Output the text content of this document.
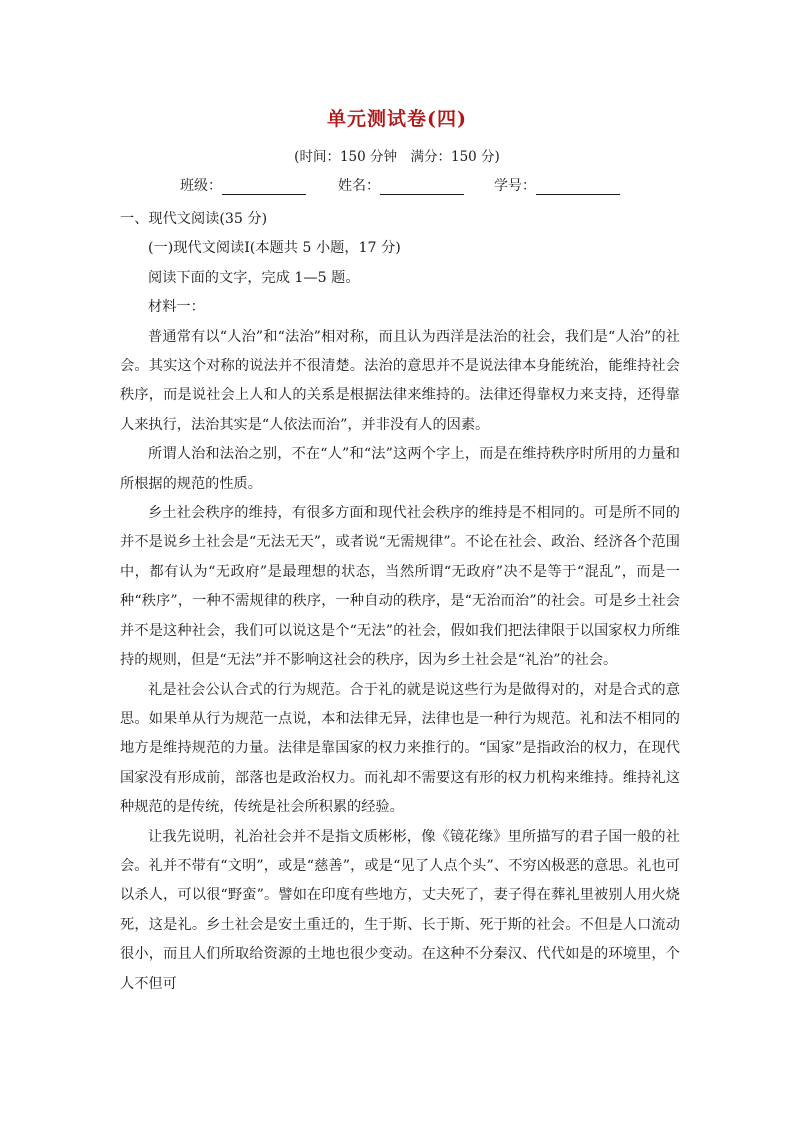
单元测试卷(四)
(时间：150 分钟　满分：150 分)
班级：	姓名：	学号：

一、现代文阅读(35 分)

(一)现代文阅读Ⅰ(本题共 5 小题，17 分)

阅读下面的文字，完成 1—5 题。

材料一：

普通常有以“人治”和“法治”相对称，而且认为西洋是法治的社会，我们是“人治”的社会。其实这个对称的说法并不很清楚。法治的意思并不是说法律本身能统治，能维持社会秩序，而是说社会上人和人的关系是根据法律来维持的。法律还得靠权力来支持，还得靠人来执行，法治其实是“人依法而治”，并非没有人的因素。

所谓人治和法治之别，不在“人”和“法”这两个字上，而是在维持秩序时所用的力量和所根据的规范的性质。

乡土社会秩序的维持，有很多方面和现代社会秩序的维持是不相同的。可是所不同的并不是说乡土社会是“无法无天”，或者说“无需规律”。不论在社会、政治、经济各个范围中，都有认为“无政府”是最理想的状态，当然所谓“无政府”决不是等于“混乱”，而是一种“秩序”，一种不需规律的秩序，一种自动的秩序，是“无治而治”的社会。可是乡土社会并不是这种社会，我们可以说这是个“无法”的社会，假如我们把法律限于以国家权力所维持的规则，但是“无法”并不影响这社会的秩序，因为乡土社会是“礼治”的社会。

礼是社会公认合式的行为规范。合于礼的就是说这些行为是做得对的，对是合式的意思。如果单从行为规范一点说，本和法律无异，法律也是一种行为规范。礼和法不相同的地方是维持规范的力量。法律是靠国家的权力来推行的。“国家”是指政治的权力，在现代国家没有形成前，部落也是政治权力。而礼却不需要这有形的权力机构来维持。维持礼这种规范的是传统，传统是社会所积累的经验。

让我先说明，礼治社会并不是指文质彬彬，像《镜花缘》里所描写的君子国一般的社会。礼并不带有“文明”，或是“慈善”，或是“见了人点个头”、不穷凶极恶的意思。礼也可以杀人，可以很“野蛮”。譬如在印度有些地方，丈夫死了，妻子得在葬礼里被别人用火烧死，这是礼。乡土社会是安土重迁的，生于斯、长于斯、死于斯的社会。不但是人口流动很小，而且人们所取给资源的土地也很少变动。在这种不分秦汉、代代如是的环境里，个人不但可
